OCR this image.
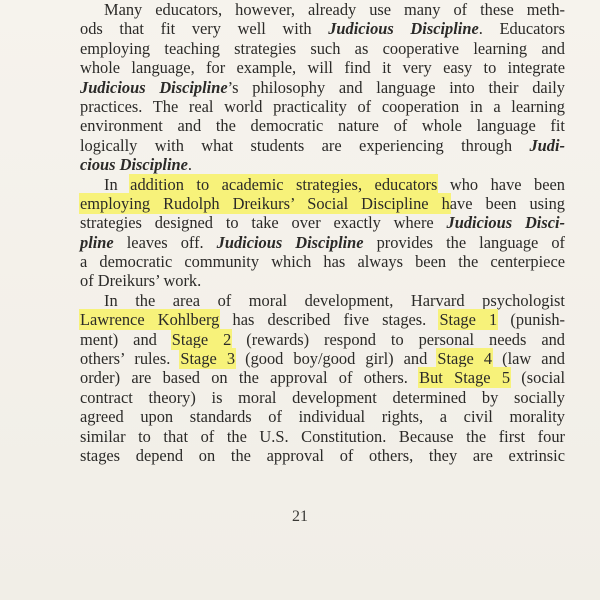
Many educators, however, already use many of these meth-
ods that fit very well with Judicious Discipline. Educators
employing teaching strategies such as cooperative learning and
whole language, for example, will find it very easy to integrate
Judicious Discipline’s philosophy and language into their daily
practices. The real world practicality of cooperation in a learning
environment and the democratic nature of whole language fit
logically with what students are experiencing through Judi-
cious Discipline.
In addition to academic strategies, educators who have been
employing Rudolph Dreikurs’ Social Discipline have been using
strategies designed to take over exactly where Judicious Disci-
pline leaves off. Judicious Discipline provides the language of
a democratic community which has always been the centerpiece
of Dreikurs’ work.
In the area of moral development, Harvard psychologist
Lawrence Kohlberg has described five stages. Stage 1 (punish-
ment) and Stage 2 (rewards) respond to personal needs and
others’ rules. Stage 3 (good boy/good girl) and Stage 4 (law and
order) are based on the approval of others. But Stage 5 (social
contract theory) is moral development determined by socially
agreed upon standards of individual rights, a civil morality
similar to that of the U.S. Constitution. Because the first four
stages depend on the approval of others, they are extrinsic
21
